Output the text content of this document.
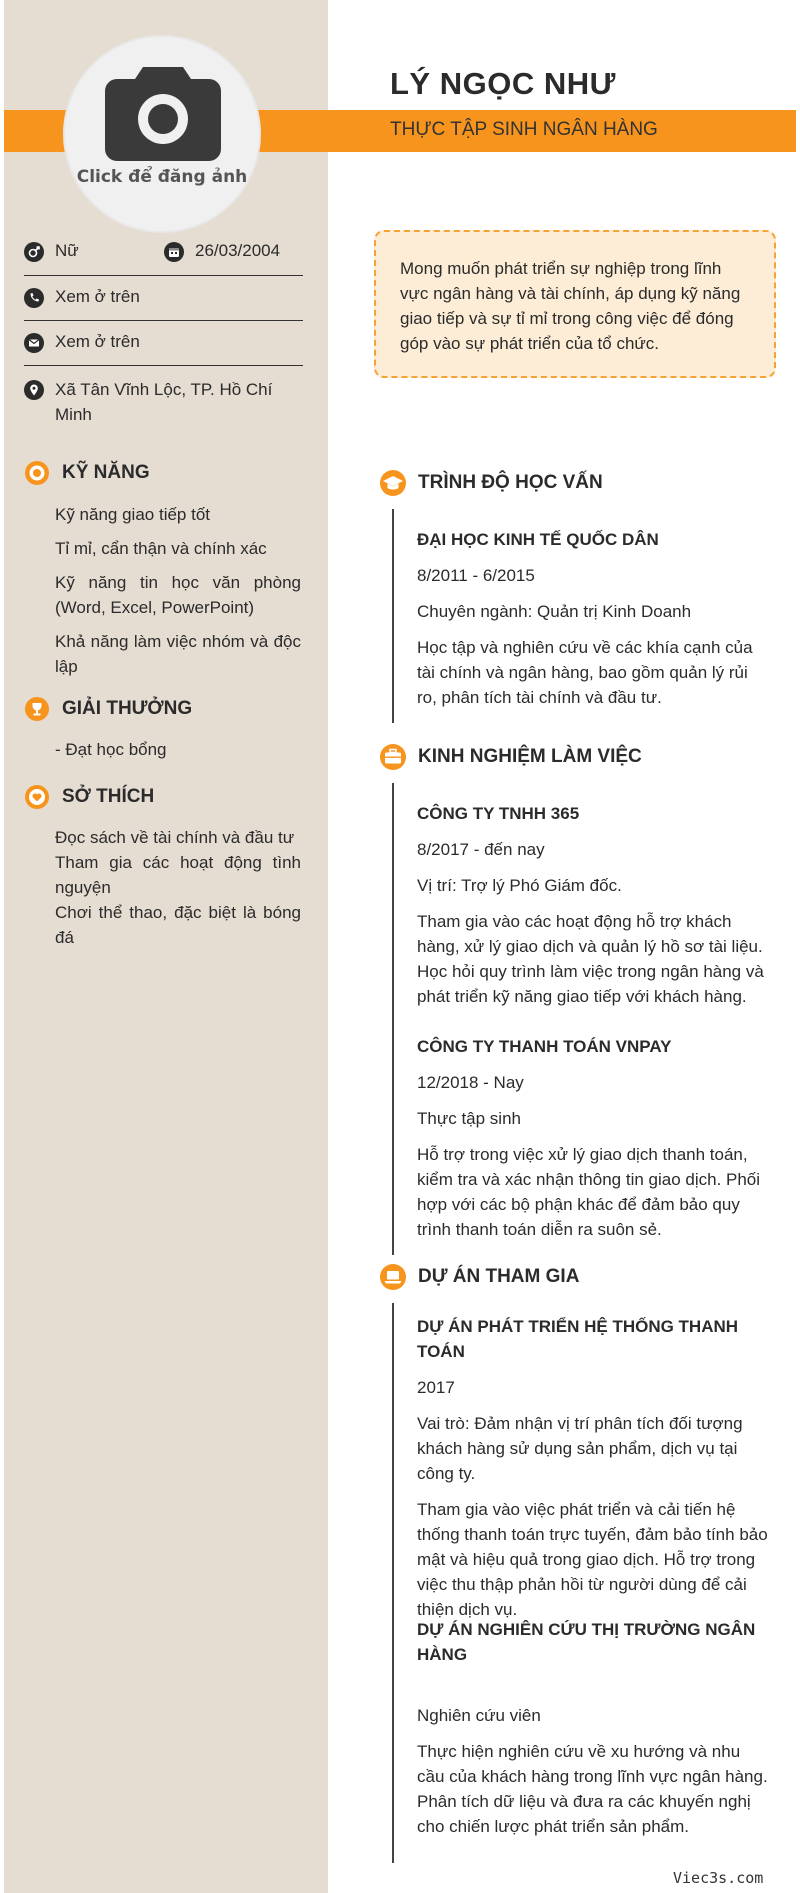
Click để đăng ảnh
LÝ NGỌC NHƯ
THỰC TẬP SINH NGÂN HÀNG
Nữ	26/03/2004
Xem ở trên
Xem ở trên
Xã Tân Vĩnh Lộc, TP. Hồ Chí Minh
KỸ NĂNG
Kỹ năng giao tiếp tốt
Tỉ mỉ, cẩn thận và chính xác
Kỹ năng tin học văn phòng (Word, Excel, PowerPoint)
Khả năng làm việc nhóm và độc lập
GIẢI THƯỞNG
- Đạt học bổng
SỞ THÍCH
Đọc sách về tài chính và đầu tư
Tham gia các hoạt động tình nguyện
Chơi thể thao, đặc biệt là bóng đá
Mong muốn phát triển sự nghiệp trong lĩnh vực ngân hàng và tài chính, áp dụng kỹ năng giao tiếp và sự tỉ mỉ trong công việc để đóng góp vào sự phát triển của tổ chức.
TRÌNH ĐỘ HỌC VẤN
ĐẠI HỌC KINH TẾ QUỐC DÂN
8/2011 - 6/2015
Chuyên ngành: Quản trị Kinh Doanh
Học tập và nghiên cứu về các khía cạnh của tài chính và ngân hàng, bao gồm quản lý rủi ro, phân tích tài chính và đầu tư.
KINH NGHIỆM LÀM VIỆC
CÔNG TY TNHH 365
8/2017 - đến nay
Vị trí: Trợ lý Phó Giám đốc.
Tham gia vào các hoạt động hỗ trợ khách hàng, xử lý giao dịch và quản lý hồ sơ tài liệu. Học hỏi quy trình làm việc trong ngân hàng và phát triển kỹ năng giao tiếp với khách hàng.
CÔNG TY THANH TOÁN VNPAY
12/2018 - Nay
Thực tập sinh
Hỗ trợ trong việc xử lý giao dịch thanh toán, kiểm tra và xác nhận thông tin giao dịch. Phối hợp với các bộ phận khác để đảm bảo quy trình thanh toán diễn ra suôn sẻ.
DỰ ÁN THAM GIA
DỰ ÁN PHÁT TRIỂN HỆ THỐNG THANH TOÁN
2017
Vai trò: Đảm nhận vị trí phân tích đối tượng khách hàng sử dụng sản phẩm, dịch vụ tại công ty.
Tham gia vào việc phát triển và cải tiến hệ thống thanh toán trực tuyến, đảm bảo tính bảo mật và hiệu quả trong giao dịch. Hỗ trợ trong việc thu thập phản hồi từ người dùng để cải thiện dịch vụ.
DỰ ÁN NGHIÊN CỨU THỊ TRƯỜNG NGÂN HÀNG
Nghiên cứu viên
Thực hiện nghiên cứu về xu hướng và nhu cầu của khách hàng trong lĩnh vực ngân hàng. Phân tích dữ liệu và đưa ra các khuyến nghị cho chiến lược phát triển sản phẩm.
Viec3s.com
